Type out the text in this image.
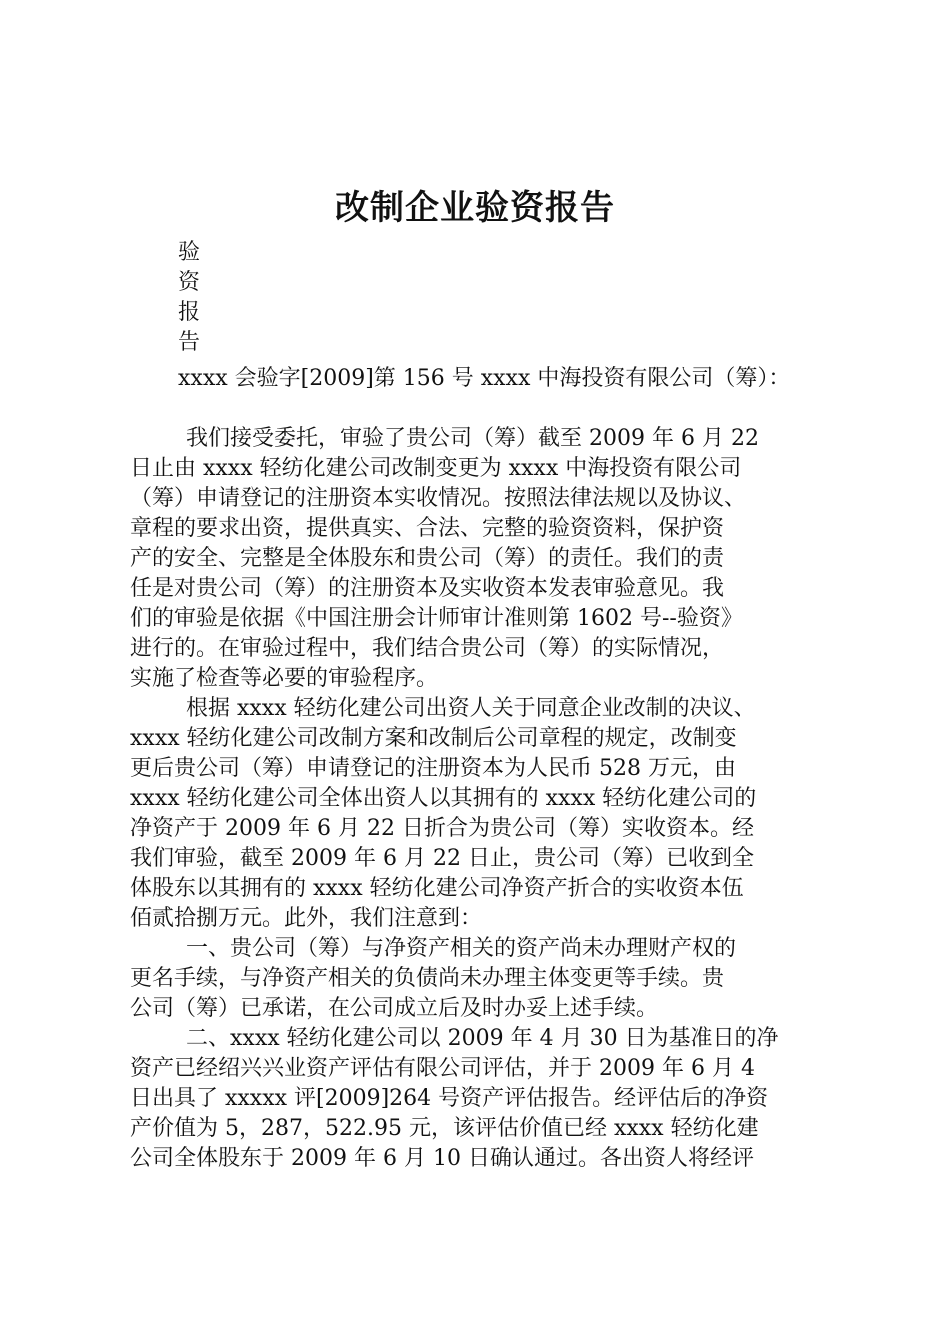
改制企业验资报告
验
资
报
告
xxxx 会验字[2009]第 156 号 xxxx 中海投资有限公司（筹）：
我们接受委托，审验了贵公司（筹）截至 2009 年 6 月 22
日止由 xxxx 轻纺化建公司改制变更为 xxxx 中海投资有限公司
（筹）申请登记的注册资本实收情况。按照法律法规以及协议、
章程的要求出资，提供真实、合法、完整的验资资料，保护资
产的安全、完整是全体股东和贵公司（筹）的责任。我们的责
任是对贵公司（筹）的注册资本及实收资本发表审验意见。我
们的审验是依据《中国注册会计师审计准则第 1602 号--验资》
进行的。在审验过程中，我们结合贵公司（筹）的实际情况，
实施了检查等必要的审验程序。
根据 xxxx 轻纺化建公司出资人关于同意企业改制的决议、
xxxx 轻纺化建公司改制方案和改制后公司章程的规定，改制变
更后贵公司（筹）申请登记的注册资本为人民币 528 万元，由
xxxx 轻纺化建公司全体出资人以其拥有的 xxxx 轻纺化建公司的
净资产于 2009 年 6 月 22 日折合为贵公司（筹）实收资本。经
我们审验，截至 2009 年 6 月 22 日止，贵公司（筹）已收到全
体股东以其拥有的 xxxx 轻纺化建公司净资产折合的实收资本伍
佰贰拾捌万元。此外，我们注意到：
一、贵公司（筹）与净资产相关的资产尚未办理财产权的
更名手续，与净资产相关的负债尚未办理主体变更等手续。贵
公司（筹）已承诺，在公司成立后及时办妥上述手续。
二、xxxx 轻纺化建公司以 2009 年 4 月 30 日为基准日的净
资产已经绍兴兴业资产评估有限公司评估，并于 2009 年 6 月 4
日出具了 xxxxx 评[2009]264 号资产评估报告。经评估后的净资
产价值为 5，287，522.95 元，该评估价值已经 xxxx 轻纺化建
公司全体股东于 2009 年 6 月 10 日确认通过。各出资人将经评
